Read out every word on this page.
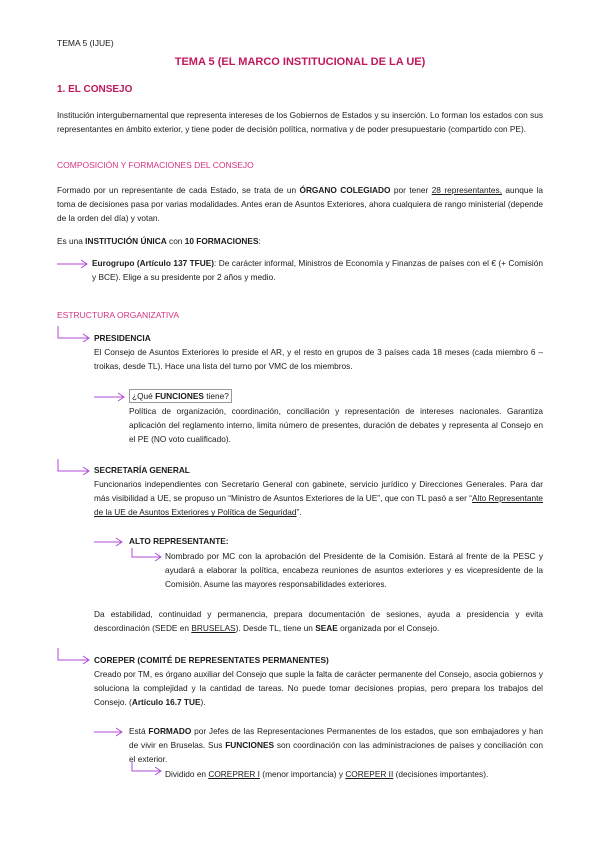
TEMA 5 (IJUE)
TEMA 5 (EL MARCO INSTITUCIONAL DE LA UE)
1. EL CONSEJO
Institución intergubernamental que representa intereses de los Gobiernos de Estados y su inserción. Lo forman los estados con sus representantes en ámbito exterior, y tiene poder de decisión política, normativa y de poder presupuestario (compartido con PE).
COMPOSICIÓN Y FORMACIONES DEL CONSEJO
Formado por un representante de cada Estado, se trata de un ÓRGANO COLEGIADO por tener 28 representantes, aunque la toma de decisiones pasa por varias modalidades. Antes eran de Asuntos Exteriores, ahora cualquiera de rango ministerial (depende de la orden del día) y votan.
Es una INSTITUCIÓN ÚNICA con 10 FORMACIONES:
Eurogrupo (Artículo 137 TFUE): De carácter informal, Ministros de Economía y Finanzas de países con el € (+ Comisión y BCE). Elige a su presidente por 2 años y medio.
ESTRUCTURA ORGANIZATIVA
PRESIDENCIA
El Consejo de Asuntos Exteriores lo preside el AR, y el resto en grupos de 3 países cada 18 meses (cada miembro 6 – troikas, desde TL). Hace una lista del turno por VMC de los miembros.
¿Qué FUNCIONES tiene?
Política de organización, coordinación, conciliación y representación de intereses nacionales. Garantiza aplicación del reglamento interno, limita número de presentes, duración de debates y representa al Consejo en el PE (NO voto cualificado).
SECRETARÍA GENERAL
Funcionarios independientes con Secretario General con gabinete, servicio jurídico y Direcciones Generales. Para dar más visibilidad a UE, se propuso un “Ministro de Asuntos Exteriores de la UE”, que con TL pasó a ser “Alto Representante de la UE de Asuntos Exteriores y Política de Seguridad”.
ALTO REPRESENTANTE:
Nombrado por MC con la aprobación del Presidente de la Comisión. Estará al frente de la PESC y ayudará a elaborar la política, encabeza reuniones de asuntos exteriores y es vicepresidente de la Comisión. Asume las mayores responsabilidades exteriores.
Da estabilidad, continuidad y permanencia, prepara documentación de sesiones, ayuda a presidencia y evita descordinación (SEDE en BRUSELAS). Desde TL, tiene un SEAE organizada por el Consejo.
COREPER (COMITÉ DE REPRESENTATES PERMANENTES)
Creado por TM, es órgano auxiliar del Consejo que suple la falta de carácter permanente del Consejo, asocia gobiernos y soluciona la complejidad y la cantidad de tareas. No puede tomar decisiones propias, pero prepara los trabajos del Consejo. (Artículo 16.7 TUE).
Está FORMADO por Jefes de las Representaciones Permanentes de los estados, que son embajadores y han de vivir en Bruselas. Sus FUNCIONES son coordinación con las administraciones de países y conciliación con el exterior.
Dividido en COREPRER I (menor importancia) y COREPER II (decisiones importantes).
